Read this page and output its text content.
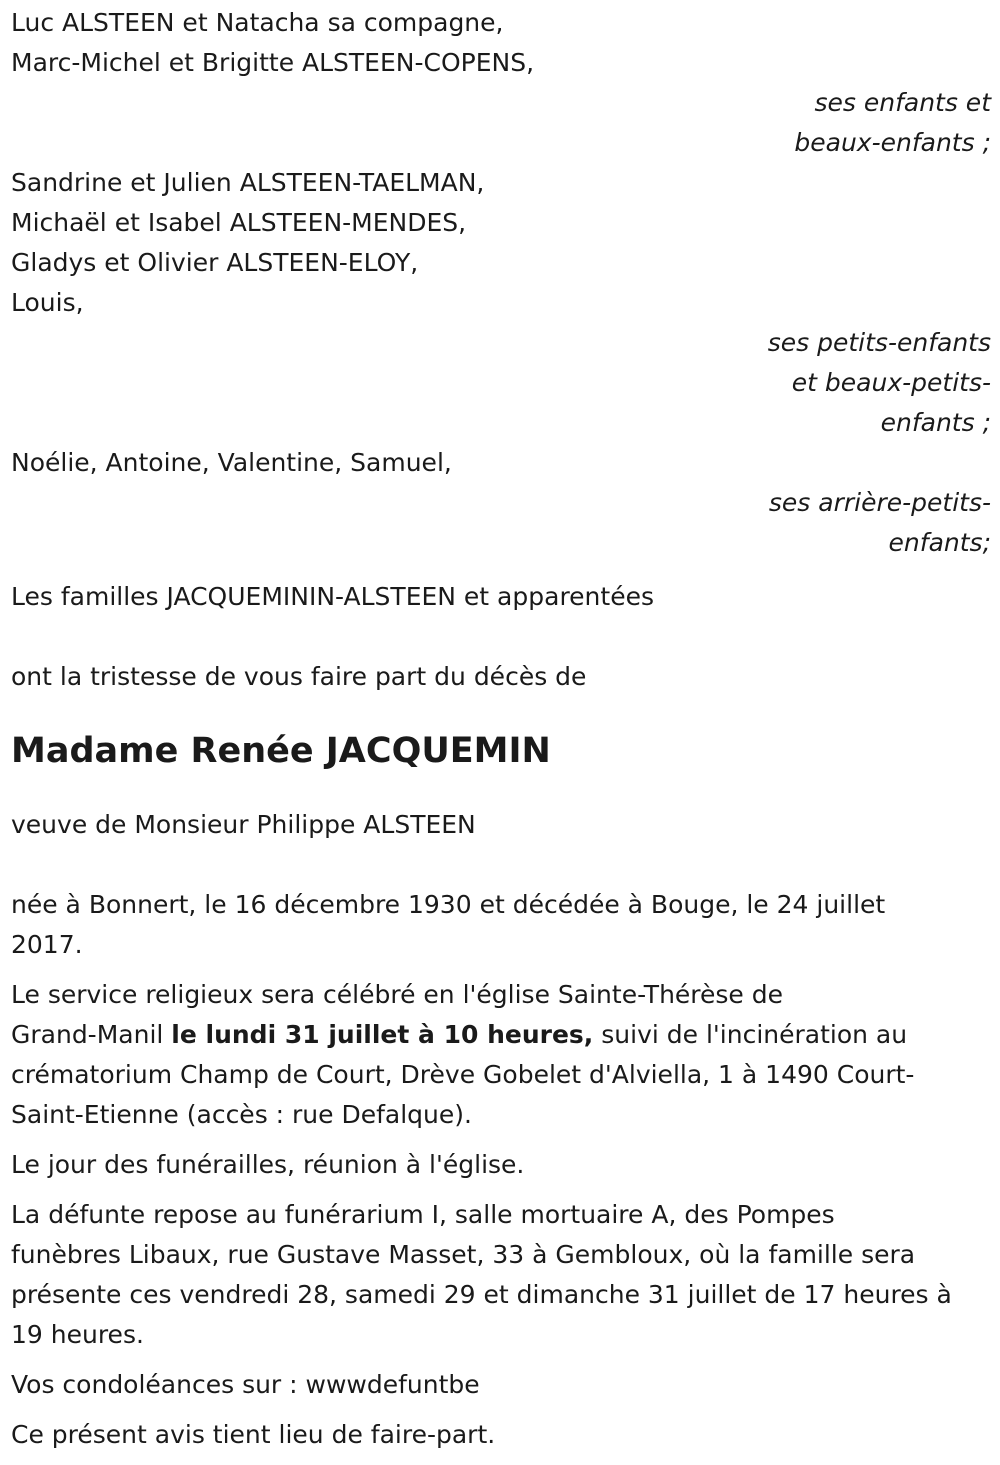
Luc ALSTEEN et Natacha sa compagne,
Marc-Michel et Brigitte ALSTEEN-COPENS,
ses enfants et
beaux-enfants ;
Sandrine et Julien ALSTEEN-TAELMAN,
Michaël et Isabel ALSTEEN-MENDES,
Gladys et Olivier ALSTEEN-ELOY,
Louis,
ses petits-enfants
et beaux-petits-
enfants ;
Noélie, Antoine, Valentine, Samuel,
ses arrière-petits-
enfants;
Les familles JACQUEMININ-ALSTEEN et apparentées
ont la tristesse de vous faire part du décès de
Madame Renée JACQUEMIN
veuve de Monsieur Philippe ALSTEEN
née à Bonnert, le 16 décembre 1930 et décédée à Bouge, le 24 juillet
2017.
Le service religieux sera célébré en l'église Sainte-Thérèse de
Grand-Manil le lundi 31 juillet à 10 heures, suivi de l'incinération au
crématorium Champ de Court, Drève Gobelet d'Alviella, 1 à 1490 Court-
Saint-Etienne (accès : rue Defalque).
Le jour des funérailles, réunion à l'église.
La défunte repose au funérarium I, salle mortuaire A, des Pompes
funèbres Libaux, rue Gustave Masset, 33 à Gembloux, où la famille sera
présente ces vendredi 28, samedi 29 et dimanche 31 juillet de 17 heures à
19 heures.
Vos condoléances sur : wwwdefuntbe
Ce présent avis tient lieu de faire-part.
